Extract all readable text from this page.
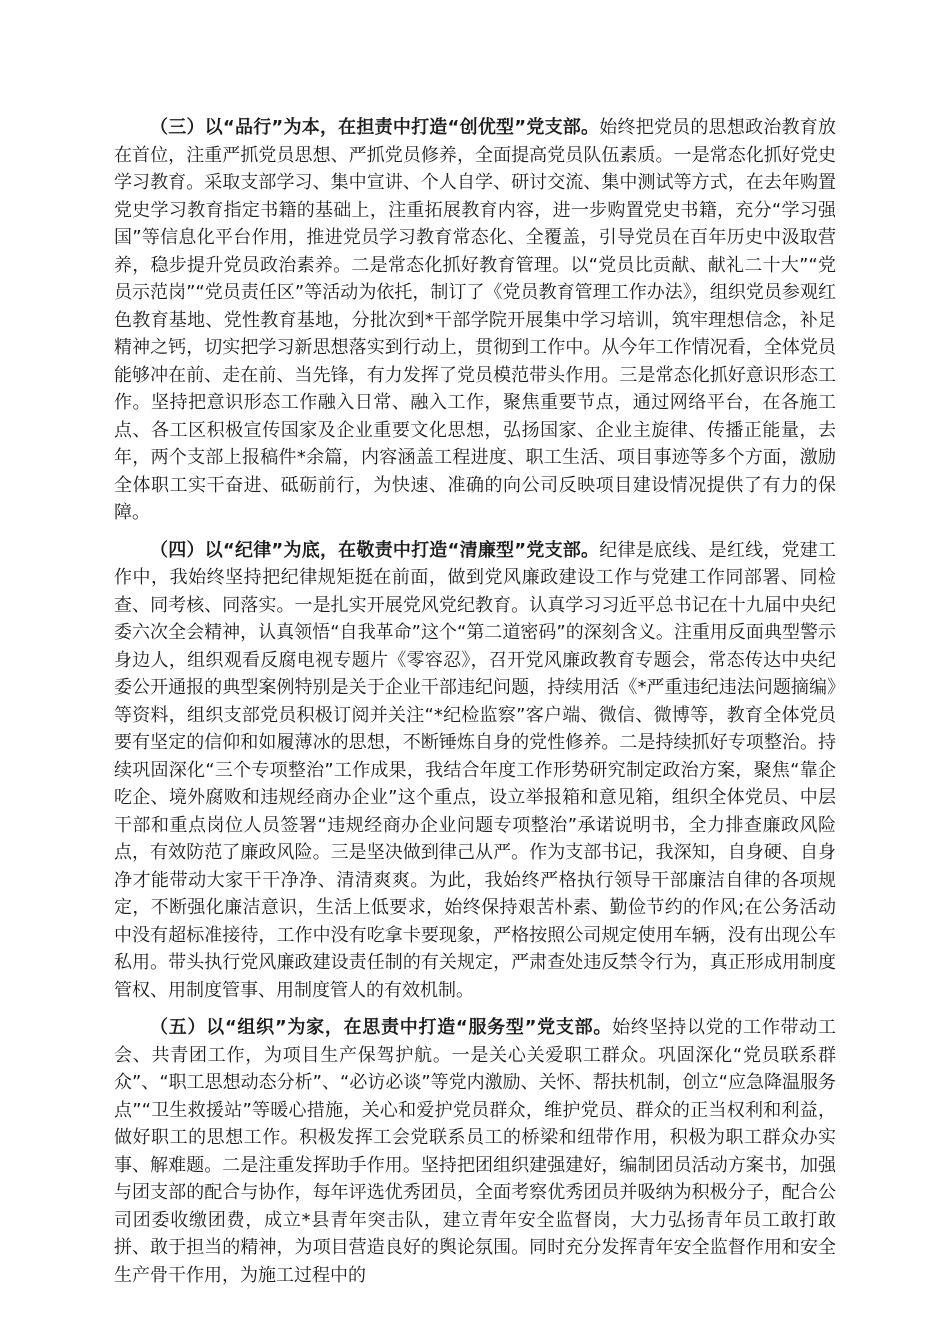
（三）以“品行”为本，在担责中打造“创优型”党支部。始终把党员的思想政治教育放在首位，注重严抓党员思想、严抓党员修养，全面提高党员队伍素质。一是常态化抓好党史学习教育。采取支部学习、集中宣讲、个人自学、研讨交流、集中测试等方式，在去年购置党史学习教育指定书籍的基础上，注重拓展教育内容，进一步购置党史书籍，充分“学习强国”等信息化平台作用，推进党员学习教育常态化、全覆盖，引导党员在百年历史中汲取营养，稳步提升党员政治素养。二是常态化抓好教育管理。以“党员比贡献、献礼二十大”“党员示范岗”“党员责任区”等活动为依托，制订了《党员教育管理工作办法》，组织党员参观红色教育基地、党性教育基地，分批次到*干部学院开展集中学习培训，筑牢理想信念，补足精神之钙，切实把学习新思想落实到行动上，贯彻到工作中。从今年工作情况看，全体党员能够冲在前、走在前、当先锋，有力发挥了党员模范带头作用。三是常态化抓好意识形态工作。坚持把意识形态工作融入日常、融入工作，聚焦重要节点，通过网络平台，在各施工点、各工区积极宣传国家及企业重要文化思想，弘扬国家、企业主旋律、传播正能量，去年，两个支部上报稿件*余篇，内容涵盖工程进度、职工生活、项目事迹等多个方面，激励全体职工实干奋进、砥砺前行，为快速、准确的向公司反映项目建设情况提供了有力的保障。

（四）以“纪律”为底，在敬责中打造“清廉型”党支部。纪律是底线、是红线，党建工作中，我始终坚持把纪律规矩挺在前面，做到党风廉政建设工作与党建工作同部署、同检查、同考核、同落实。一是扎实开展党风党纪教育。认真学习习近平总书记在十九届中央纪委六次全会精神，认真领悟“自我革命”这个“第二道密码”的深刻含义。注重用反面典型警示身边人，组织观看反腐电视专题片《零容忍》，召开党风廉政教育专题会，常态传达中央纪委公开通报的典型案例特别是关于企业干部违纪问题，持续用活《*严重违纪违法问题摘编》等资料，组织支部党员积极订阅并关注“*纪检监察”客户端、微信、微博等，教育全体党员要有坚定的信仰和如履薄冰的思想，不断锤炼自身的党性修养。二是持续抓好专项整治。持续巩固深化“三个专项整治”工作成果，我结合年度工作形势研究制定政治方案，聚焦“靠企吃企、境外腐败和违规经商办企业”这个重点，设立举报箱和意见箱，组织全体党员、中层干部和重点岗位人员签署“违规经商办企业问题专项整治”承诺说明书，全力排查廉政风险点，有效防范了廉政风险。三是坚决做到律己从严。作为支部书记，我深知，自身硬、自身净才能带动大家干干净净、清清爽爽。为此，我始终严格执行领导干部廉洁自律的各项规定，不断强化廉洁意识，生活上低要求，始终保持艰苦朴素、勤俭节约的作风;在公务活动中没有超标准接待，工作中没有吃拿卡要现象，严格按照公司规定使用车辆，没有出现公车私用。带头执行党风廉政建设责任制的有关规定，严肃查处违反禁令行为，真正形成用制度管权、用制度管事、用制度管人的有效机制。

（五）以“组织”为家，在思责中打造“服务型”党支部。始终坚持以党的工作带动工会、共青团工作，为项目生产保驾护航。一是关心关爱职工群众。巩固深化“党员联系群众”、“职工思想动态分析”、“必访必谈”等党内激励、关怀、帮扶机制，创立“应急降温服务点”“卫生救援站”等暖心措施，关心和爱护党员群众，维护党员、群众的正当权利和利益，做好职工的思想工作。积极发挥工会党联系员工的桥梁和纽带作用，积极为职工群众办实事、解难题。二是注重发挥助手作用。坚持把团组织建强建好，编制团员活动方案书，加强与团支部的配合与协作，每年评选优秀团员，全面考察优秀团员并吸纳为积极分子，配合公司团委收缴团费，成立*县青年突击队，建立青年安全监督岗，大力弘扬青年员工敢打敢拼、敢于担当的精神，为项目营造良好的舆论氛围。同时充分发挥青年安全监督作用和安全生产骨干作用，为施工过程中的
